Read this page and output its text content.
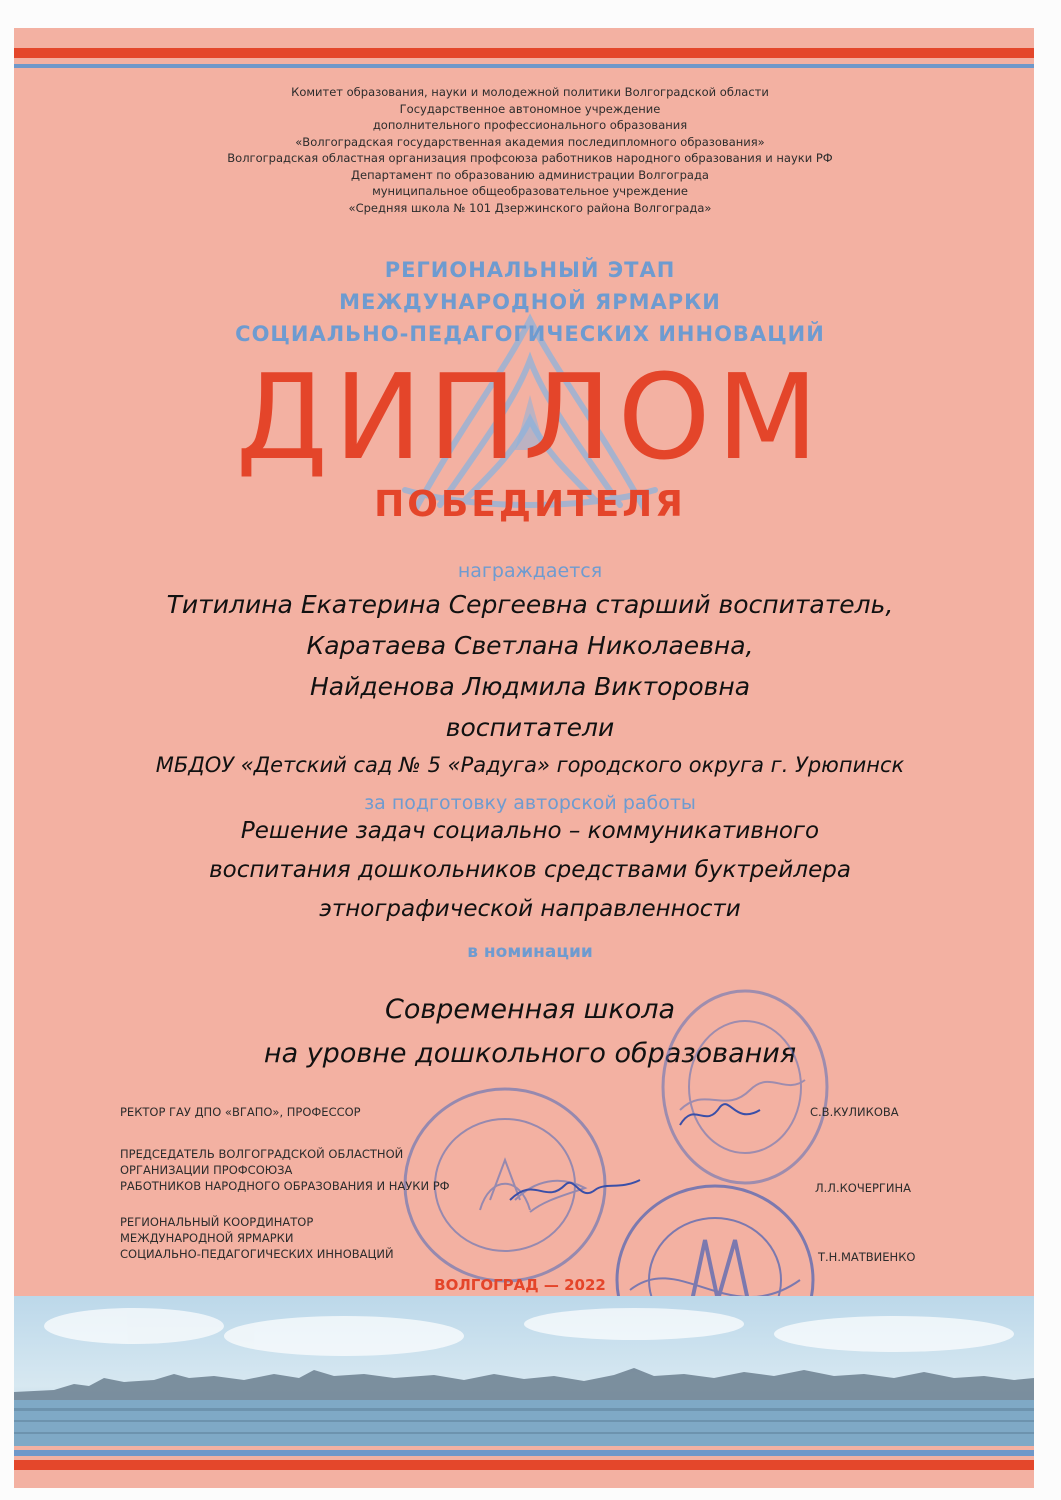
Комитет образования, науки и молодежной политики Волгоградской области
Государственное автономное учреждение
дополнительного профессионального образования
«Волгоградская государственная академия последипломного образования»
Волгоградская областная организация профсоюза работников народного образования и науки РФ
Департамент по образованию администрации Волгограда
муниципальное общеобразовательное учреждение
«Средняя школа № 101 Дзержинского района Волгограда»
РЕГИОНАЛЬНЫЙ ЭТАП
МЕЖДУНАРОДНОЙ ЯРМАРКИ
СОЦИАЛЬНО-ПЕДАГОГИЧЕСКИХ ИННОВАЦИЙ
ДИПЛОМ
ПОБЕДИТЕЛЯ
награждается
Титилина Екатерина Сергеевна старший воспитатель,
Каратаева Светлана Николаевна,
Найденова Людмила Викторовна
воспитатели
МБДОУ «Детский сад № 5 «Радуга» городского округа г. Урюпинск
за подготовку авторской работы
Решение задач социально – коммуникативного
воспитания дошкольников средствами буктрейлера
этнографической направленности
в номинации
Современная школа
на уровне дошкольного образования
РЕКТОР ГАУ ДПО «ВГАПО», ПРОФЕССОР	С.В.КУЛИКОВА
ПРЕДСЕДАТЕЛЬ ВОЛГОГРАДСКОЙ ОБЛАСТНОЙ
ОРГАНИЗАЦИИ ПРОФСОЮЗА
РАБОТНИКОВ НАРОДНОГО ОБРАЗОВАНИЯ И НАУКИ РФ	Л.Л.КОЧЕРГИНА
РЕГИОНАЛЬНЫЙ КООРДИНАТОР
МЕЖДУНАРОДНОЙ ЯРМАРКИ
СОЦИАЛЬНО-ПЕДАГОГИЧЕСКИХ ИННОВАЦИЙ	Т.Н.МАТВИЕНКО
ВОЛГОГРАД — 2022
